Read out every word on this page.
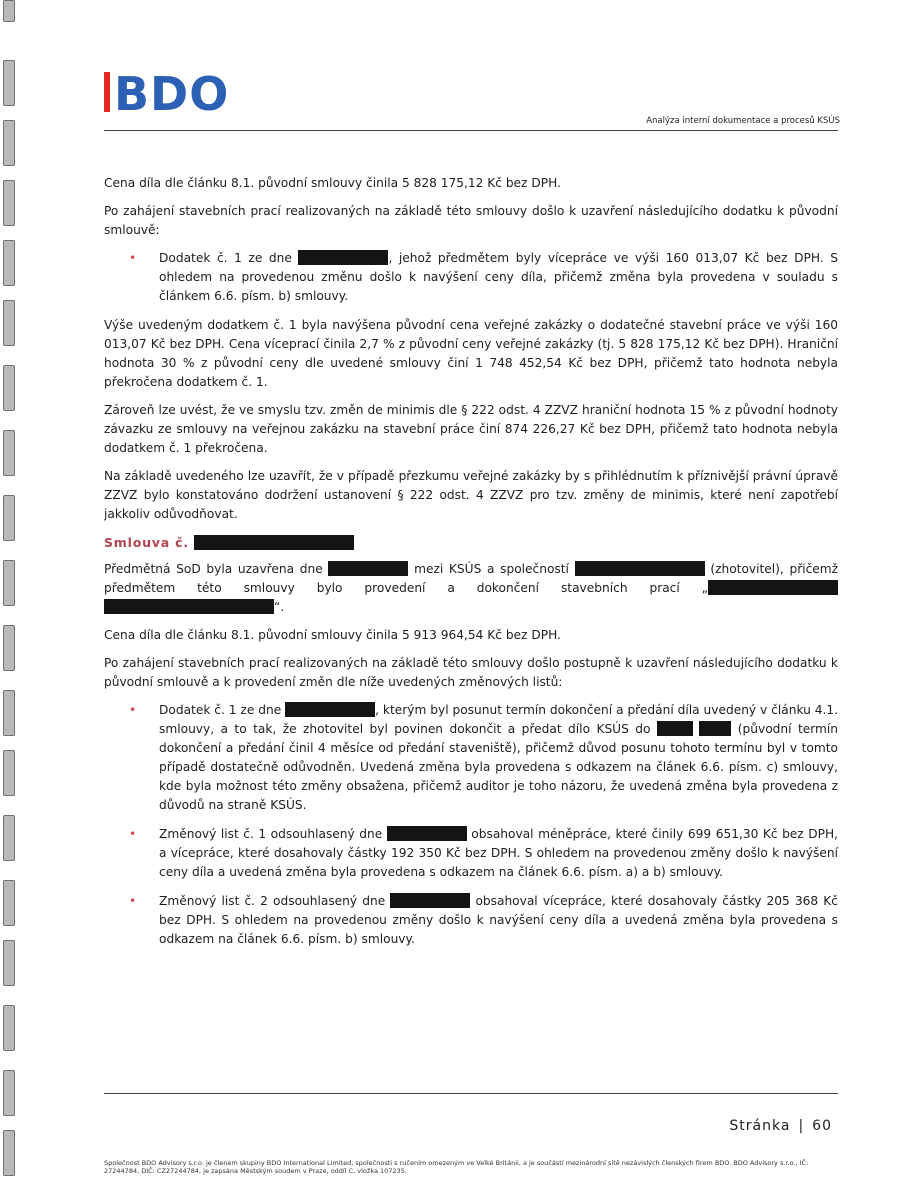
BDO	Analýza interní dokumentace a procesů KSÚS

Cena díla dle článku 8.1. původní smlouvy činila 5 828 175,12 Kč bez DPH.

Po zahájení stavebních prací realizovaných na základě této smlouvy došlo k uzavření následujícího dodatku k původní smlouvě:

• Dodatek č. 1 ze dne	, jehož předmětem byly vícepráce ve výši 160 013,07 Kč bez DPH. S ohledem na provedenou změnu došlo k navýšení ceny díla, přičemž změna byla provedena v souladu s článkem 6.6. písm. b) smlouvy.

Výše uvedeným dodatkem č. 1 byla navýšena původní cena veřejné zakázky o dodatečné stavební práce ve výši 160 013,07 Kč bez DPH. Cena víceprací činila 2,7 % z původní ceny veřejné zakázky (tj. 5 828 175,12 Kč bez DPH). Hraniční hodnota 30 % z původní ceny dle uvedené smlouvy činí 1 748 452,54 Kč bez DPH, přičemž tato hodnota nebyla překročena dodatkem č. 1.

Zároveň lze uvést, že ve smyslu tzv. změn de minimis dle § 222 odst. 4 ZZVZ hraniční hodnota 15 % z původní hodnoty závazku ze smlouvy na veřejnou zakázku na stavební práce činí 874 226,27 Kč bez DPH, přičemž tato hodnota nebyla dodatkem č. 1 překročena.

Na základě uvedeného lze uzavřít, že v případě přezkumu veřejné zakázky by s přihlédnutím k příznivější právní úpravě ZZVZ bylo konstatováno dodržení ustanovení § 222 odst. 4 ZZVZ pro tzv. změny de minimis, které není zapotřebí jakkoliv odůvodňovat.

Smlouva č.

Předmětná SoD byla uzavřena dne	mezi KSÚS a společností	(zhotovitel), přičemž předmětem této smlouvy bylo provedení a dokončení stavebních prací „ “.

Cena díla dle článku 8.1. původní smlouvy činila 5 913 964,54 Kč bez DPH.

Po zahájení stavebních prací realizovaných na základě této smlouvy došlo postupně k uzavření následujícího dodatku k původní smlouvě a k provedení změn dle níže uvedených změnových listů:

• Dodatek č. 1 ze dne	, kterým byl posunut termín dokončení a předání díla uvedený v článku 4.1. smlouvy, a to tak, že zhotovitel byl povinen dokončit a předat dílo KSÚS do	(původní termín dokončení a předání činil 4 měsíce od předání staveniště), přičemž důvod posunu tohoto termínu byl v tomto případě dostatečně odůvodněn. Uvedená změna byla provedena s odkazem na článek 6.6. písm. c) smlouvy, kde byla možnost této změny obsažena, přičemž auditor je toho názoru, že uvedená změna byla provedena z důvodů na straně KSÚS.
• Změnový list č. 1 odsouhlasený dne	obsahoval méněpráce, které činily 699 651,30 Kč bez DPH, a vícepráce, které dosahovaly částky 192 350 Kč bez DPH. S ohledem na provedenou změny došlo k navýšení ceny díla a uvedená změna byla provedena s odkazem na článek 6.6. písm. a) a b) smlouvy.
• Změnový list č. 2 odsouhlasený dne	obsahoval vícepráce, které dosahovaly částky 205 368 Kč bez DPH. S ohledem na provedenou změny došlo k navýšení ceny díla a uvedená změna byla provedena s odkazem na článek 6.6. písm. b) smlouvy.
Stránka | 60
Společnost BDO Advisory s.r.o. je členem skupiny BDO International Limited, společnosti s ručením omezeným ve Velké Británii, a je součástí mezinárodní sítě nezávislých členských firem BDO. BDO Advisory s.r.o., IČ: 27244784, DIČ: CZ27244784, je zapsána Městským soudem v Praze, oddíl C, vložka 107235.
